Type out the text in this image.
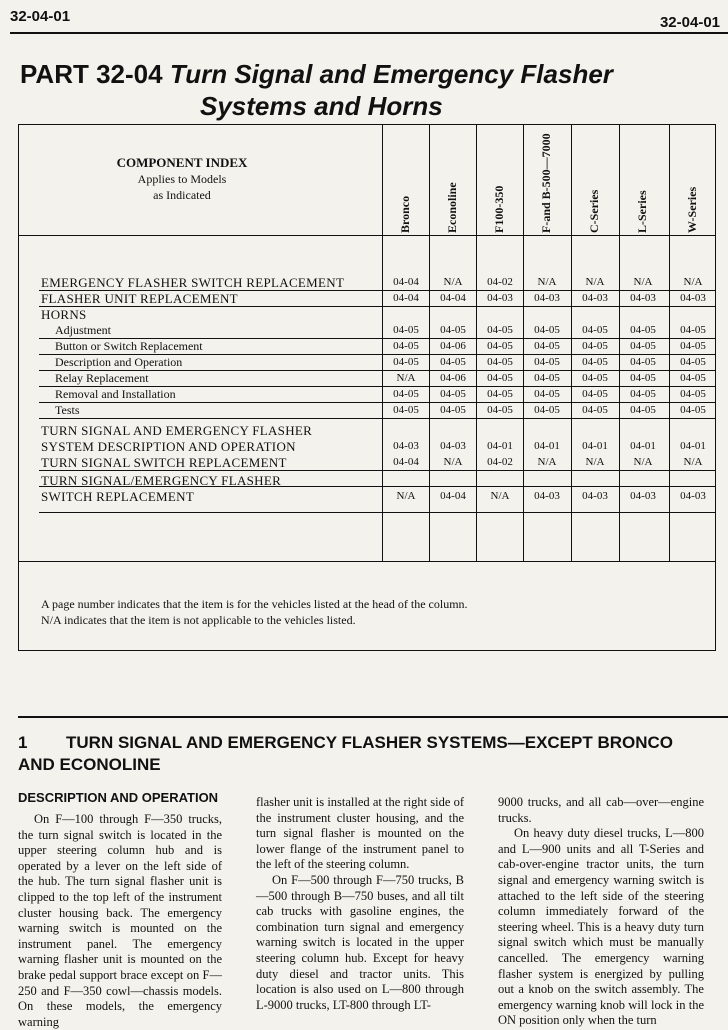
32-04-01	32-04-01
PART 32-04 Turn Signal and Emergency Flasher
Systems and Horns
COMPONENT INDEX
Applies to Models
as Indicated
A page number indicates that the item is for the vehicles listed at the head of the column.
N/A indicates that the item is not applicable to the vehicles listed.
Bronco	Econoline	F100-350	F-and B-500—7000	C-Series	L-Series	W-Series
EMERGENCY FLASHER SWITCH REPLACEMENT	04-04	N/A	04-02	N/A	N/A	N/A	N/A
FLASHER UNIT REPLACEMENT	04-04	04-04	04-03	04-03	04-03	04-03	04-03
HORNS
Adjustment	04-05	04-05	04-05	04-05	04-05	04-05	04-05
Button or Switch Replacement	04-05	04-06	04-05	04-05	04-05	04-05	04-05
Description and Operation	04-05	04-05	04-05	04-05	04-05	04-05	04-05
Relay Replacement	N/A	04-06	04-05	04-05	04-05	04-05	04-05
Removal and Installation	04-05	04-05	04-05	04-05	04-05	04-05	04-05
Tests	04-05	04-05	04-05	04-05	04-05	04-05	04-05
TURN SIGNAL AND EMERGENCY FLASHER
SYSTEM DESCRIPTION AND OPERATION	04-03	04-03	04-01	04-01	04-01	04-01	04-01
TURN SIGNAL SWITCH REPLACEMENT	04-04	N/A	04-02	N/A	N/A	N/A	N/A
TURN SIGNAL/EMERGENCY FLASHER
SWITCH REPLACEMENT	N/A	04-04	N/A	04-03	04-03	04-03	04-03
1 TURN SIGNAL AND EMERGENCY FLASHER SYSTEMS—EXCEPT BRONCO
AND ECONOLINE
DESCRIPTION AND OPERATION

On F—100 through F—350 trucks, the turn signal switch is located in the upper steering column hub and is operated by a lever on the left side of the hub. The turn signal flasher unit is clipped to the top left of the instrument cluster housing back. The emergency warning switch is mounted on the instrument panel. The emergency warning flasher unit is mounted on the brake pedal support brace except on F—250 and F—350 cowl—chassis models. On these models, the emergency warning

flasher unit is installed at the right side of the instrument cluster housing, and the turn signal flasher is mounted on the lower flange of the instrument panel to the left of the steering column.

On F—500 through F—750 trucks, B—500 through B—750 buses, and all tilt cab trucks with gasoline engines, the combination turn signal and emergency warning switch is located in the upper steering column hub. Except for heavy duty diesel and tractor units. This location is also used on L—800 through L-9000 trucks, LT-800 through LT-

9000 trucks, and all cab—over—engine trucks.

On heavy duty diesel trucks, L—800 and L—900 units and all T-Series and cab-over-engine tractor units, the turn signal and emergency warning switch is attached to the left side of the steering column immediately forward of the steering wheel. This is a heavy duty turn signal switch which must be manually cancelled. The emergency warning flasher system is energized by pulling out a knob on the switch assembly. The emergency warning knob will lock in the ON position only when the turn
